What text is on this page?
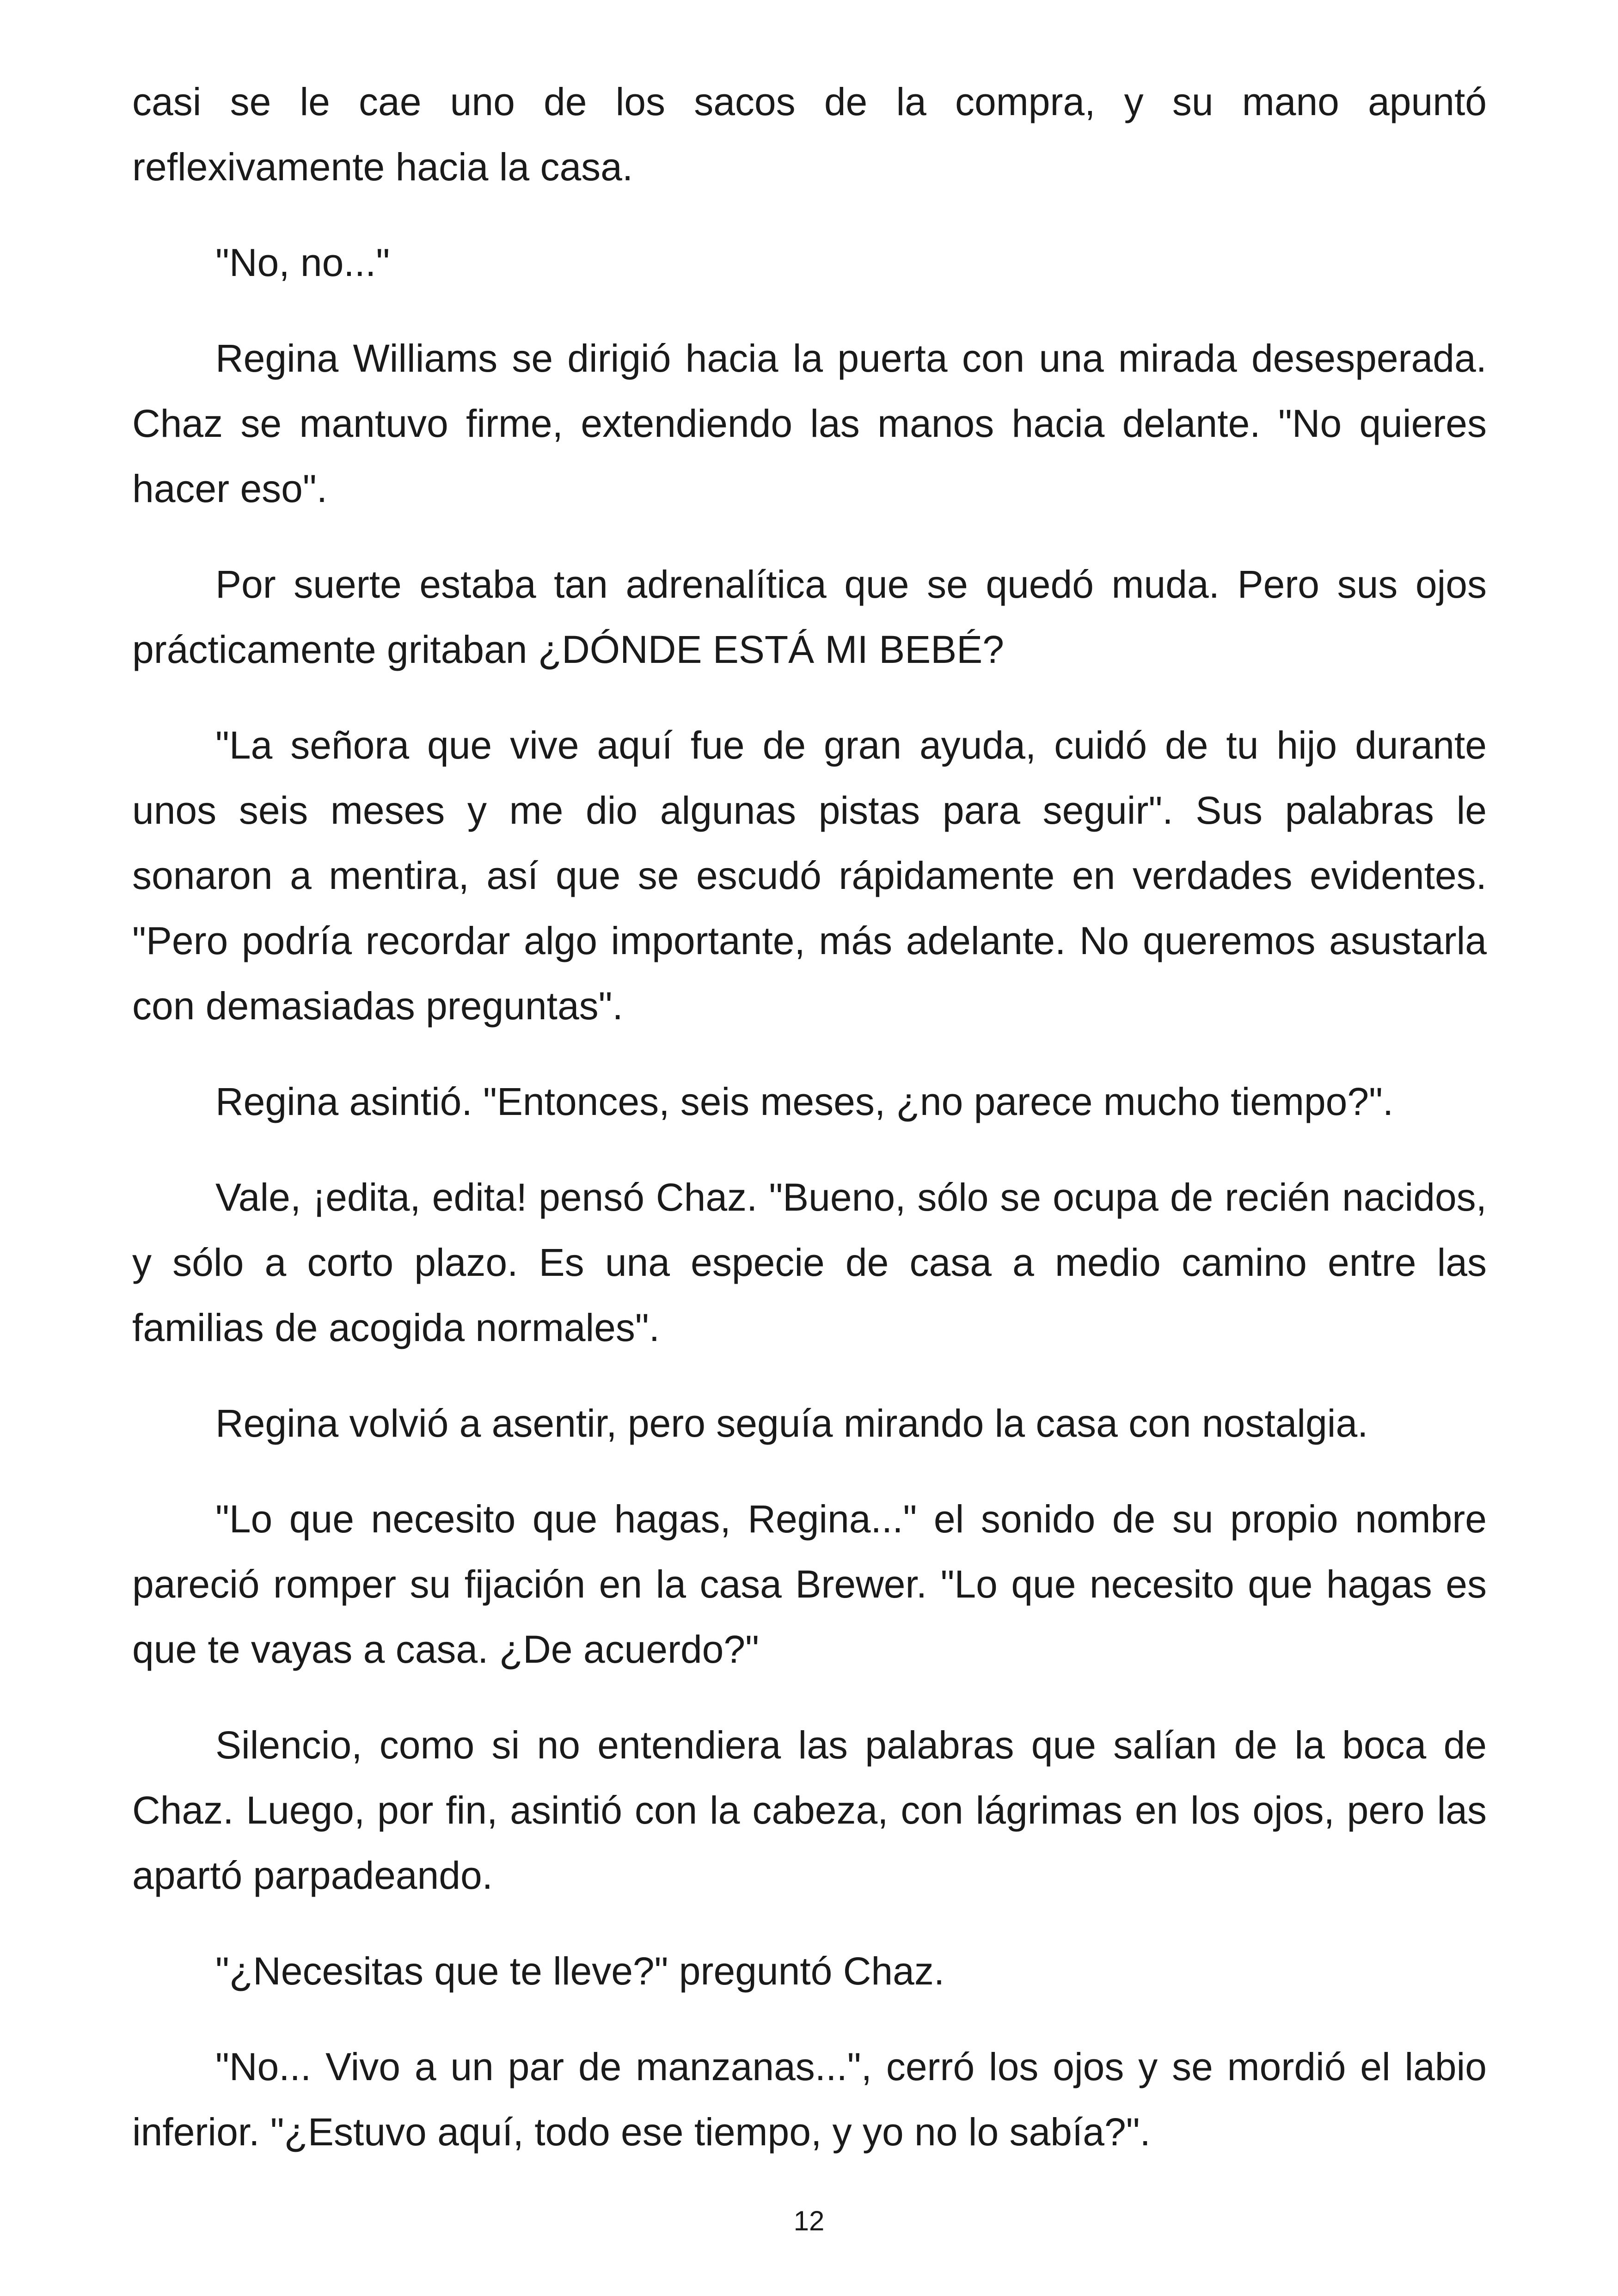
casi se le cae uno de los sacos de la compra, y su mano apuntó reflexivamente hacia la casa.

"No, no..."

Regina Williams se dirigió hacia la puerta con una mirada desesperada. Chaz se mantuvo firme, extendiendo las manos hacia delante. "No quieres hacer eso".

Por suerte estaba tan adrenalítica que se quedó muda. Pero sus ojos prácticamente gritaban ¿DÓNDE ESTÁ MI BEBÉ?

"La señora que vive aquí fue de gran ayuda, cuidó de tu hijo durante unos seis meses y me dio algunas pistas para seguir". Sus palabras le sonaron a mentira, así que se escudó rápidamente en verdades evidentes. "Pero podría recordar algo importante, más adelante. No queremos asustarla con demasiadas preguntas".

Regina asintió. "Entonces, seis meses, ¿no parece mucho tiempo?".

Vale, ¡edita, edita! pensó Chaz. "Bueno, sólo se ocupa de recién nacidos, y sólo a corto plazo. Es una especie de casa a medio camino entre las familias de acogida normales".

Regina volvió a asentir, pero seguía mirando la casa con nostalgia.

"Lo que necesito que hagas, Regina..." el sonido de su propio nombre pareció romper su fijación en la casa Brewer. "Lo que necesito que hagas es que te vayas a casa. ¿De acuerdo?"

Silencio, como si no entendiera las palabras que salían de la boca de Chaz. Luego, por fin, asintió con la cabeza, con lágrimas en los ojos, pero las apartó parpadeando.

"¿Necesitas que te lleve?" preguntó Chaz.

"No... Vivo a un par de manzanas...", cerró los ojos y se mordió el labio inferior. "¿Estuvo aquí, todo ese tiempo, y yo no lo sabía?".

12
